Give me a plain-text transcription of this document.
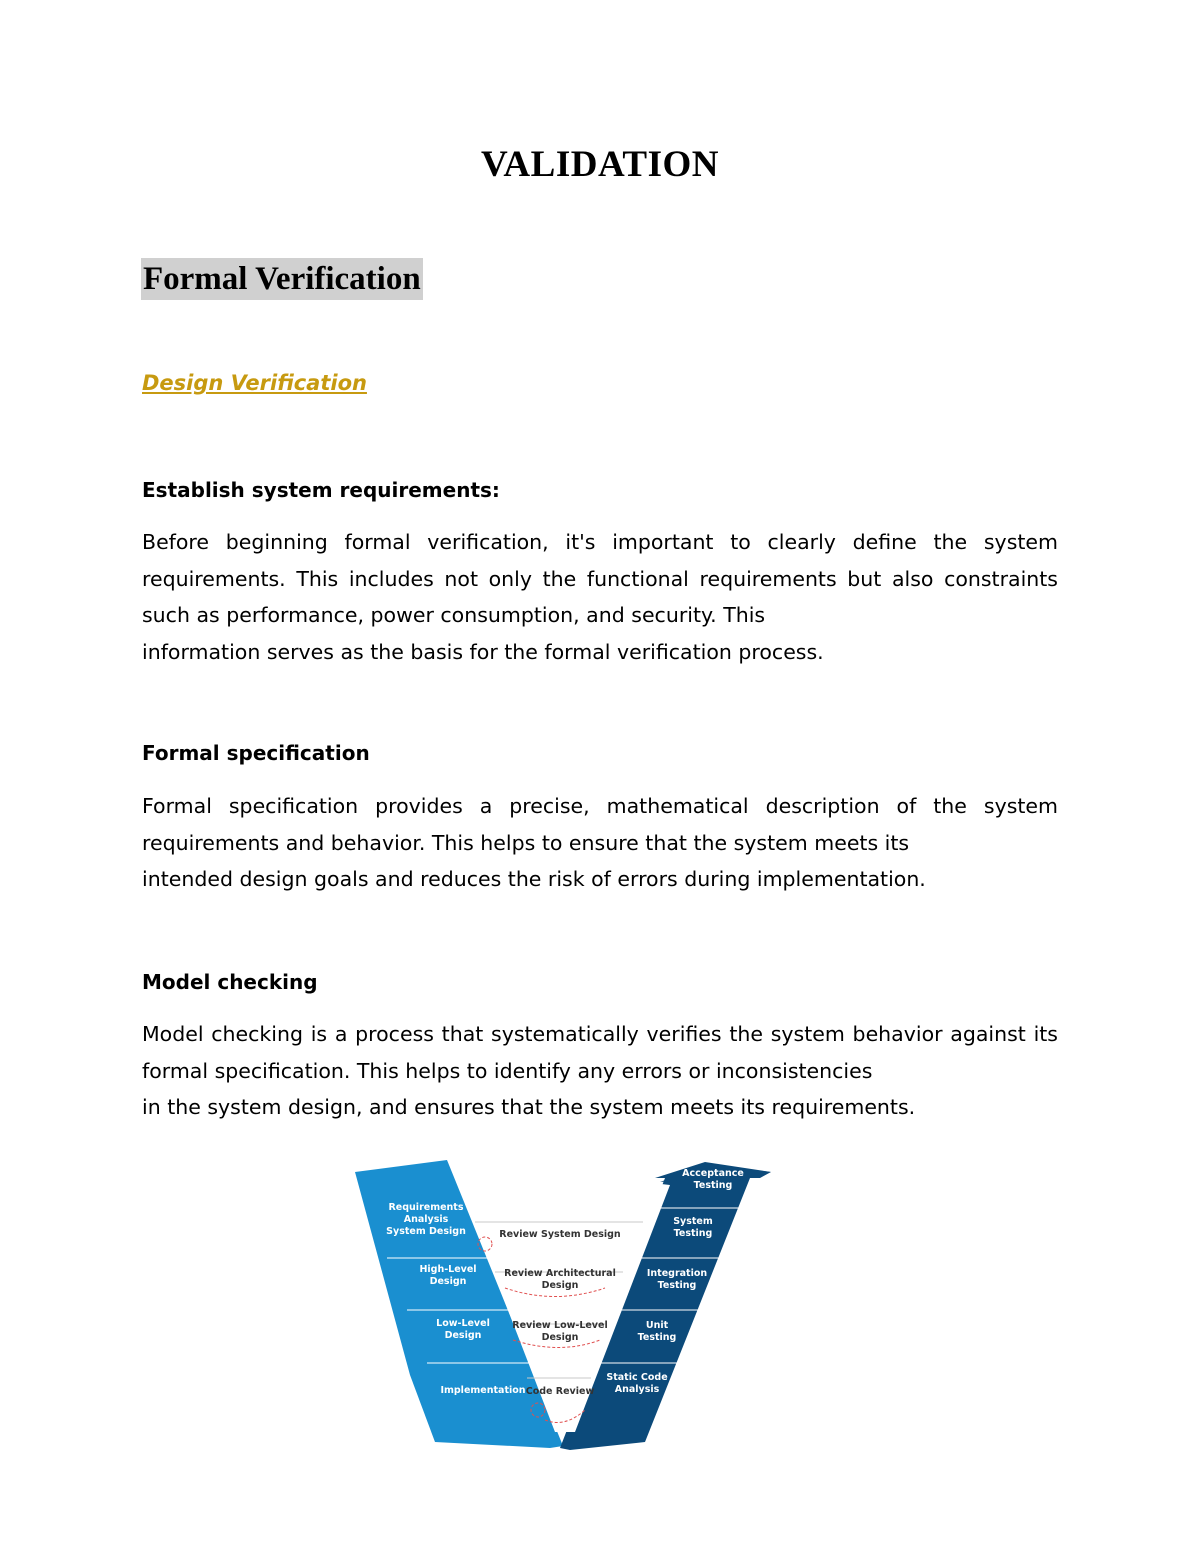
VALIDATION
Formal Verification
Design Verification
Establish system requirements:

Before beginning formal verification, it's important to clearly define the system requirements. This includes not only the functional requirements but also constraints such as performance, power consumption, and security. This
information serves as the basis for the formal verification process.

Formal specification

Formal specification provides a precise, mathematical description of the system requirements and behavior. This helps to ensure that the system meets its
intended design goals and reduces the risk of errors during implementation.

Model checking

Model checking is a process that systematically verifies the system behavior against its formal specification. This helps to identify any errors or inconsistencies
in the system design, and ensures that the system meets its requirements.

Requirements
Analysis
System Design
High-Level
Design
Low-Level
Design
Implementation
Review System Design
Review Architectural
Design
Review Low-Level
Design
Code Review
Acceptance
Testing
System
Testing
Integration
Testing
Unit
Testing
Static Code
Analysis
